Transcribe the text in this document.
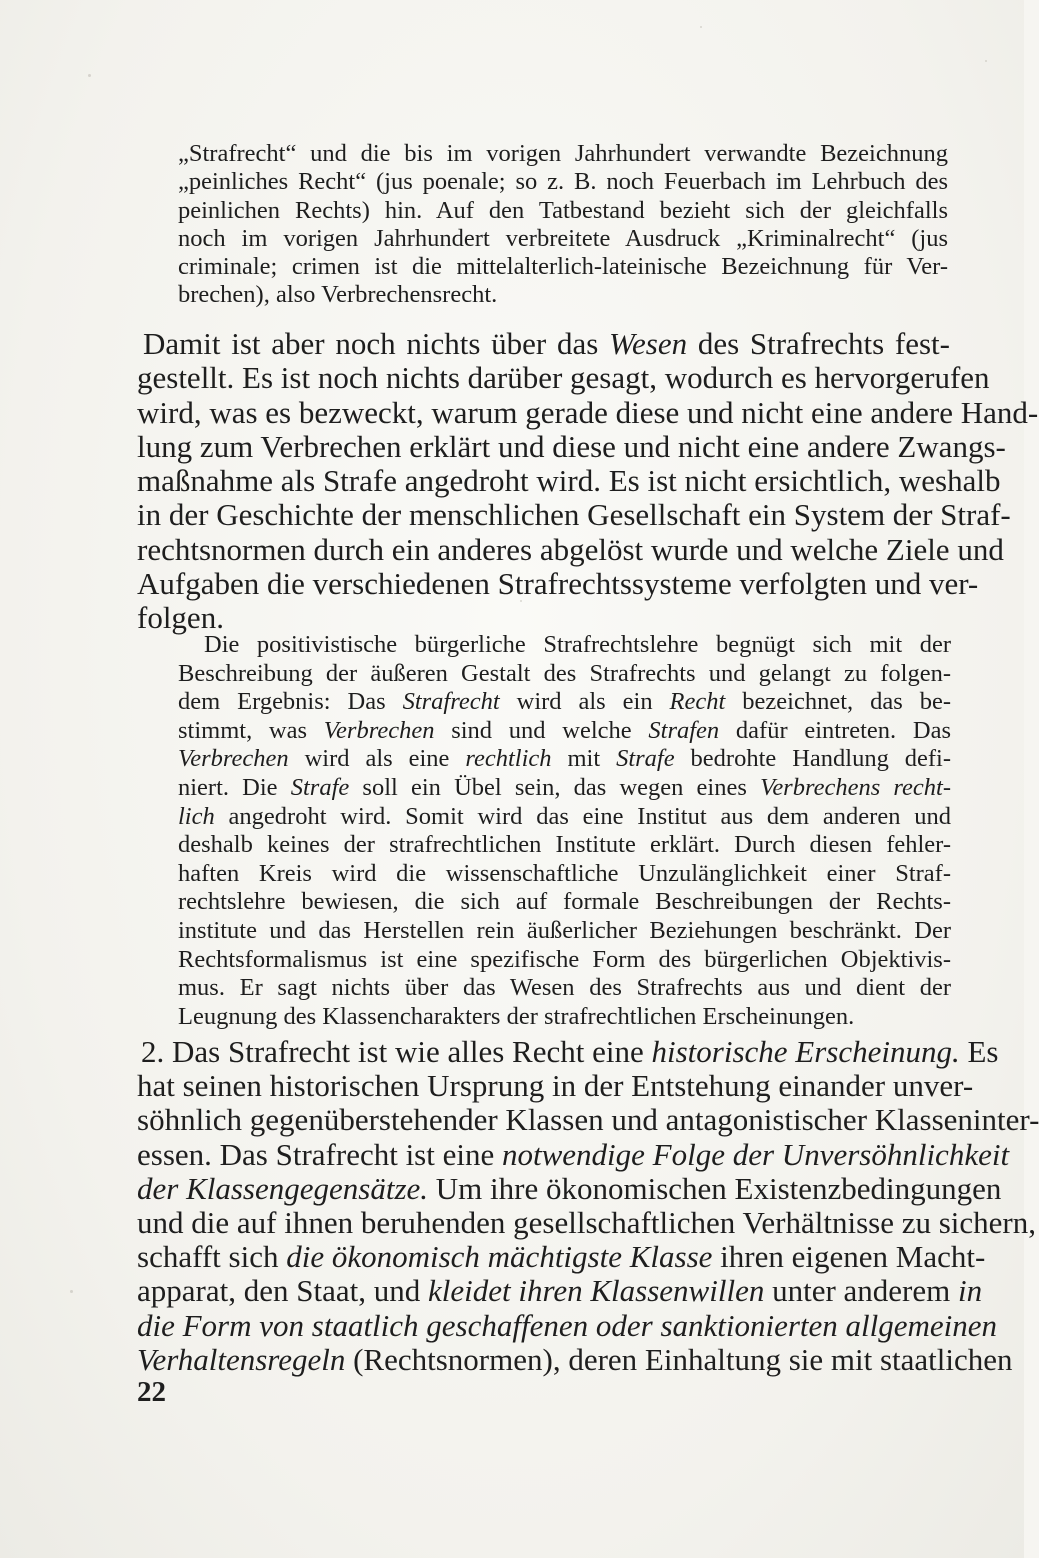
„Strafrecht“ und die bis im vorigen Jahrhundert verwandte Bezeichnung
„peinliches Recht“ (jus poenale; so z. B. noch Feuerbach im Lehrbuch des
peinlichen Rechts) hin. Auf den Tatbestand bezieht sich der gleichfalls
noch im vorigen Jahrhundert verbreitete Ausdruck „Kriminalrecht“ (jus
criminale; crimen ist die mittelalterlich-lateinische Bezeichnung für Ver-
brechen), also Verbrechensrecht.
Damit ist aber noch nichts über das Wesen des Strafrechts fest-
gestellt. Es ist noch nichts darüber gesagt, wodurch es hervorgerufen
wird, was es bezweckt, warum gerade diese und nicht eine andere Hand-
lung zum Verbrechen erklärt und diese und nicht eine andere Zwangs-
maßnahme als Strafe angedroht wird. Es ist nicht ersichtlich, weshalb
in der Geschichte der menschlichen Gesellschaft ein System der Straf-
rechtsnormen durch ein anderes abgelöst wurde und welche Ziele und
Aufgaben die verschiedenen Strafrechtssysteme verfolgten und ver-
folgen.
Die positivistische bürgerliche Strafrechtslehre begnügt sich mit der
Beschreibung der äußeren Gestalt des Strafrechts und gelangt zu folgen-
dem Ergebnis: Das Strafrecht wird als ein Recht bezeichnet, das be-
stimmt, was Verbrechen sind und welche Strafen dafür eintreten. Das
Verbrechen wird als eine rechtlich mit Strafe bedrohte Handlung defi-
niert. Die Strafe soll ein Übel sein, das wegen eines Verbrechens recht-
lich angedroht wird. Somit wird das eine Institut aus dem anderen und
deshalb keines der strafrechtlichen Institute erklärt. Durch diesen fehler-
haften Kreis wird die wissenschaftliche Unzulänglichkeit einer Straf-
rechtslehre bewiesen, die sich auf formale Beschreibungen der Rechts-
institute und das Herstellen rein äußerlicher Beziehungen beschränkt. Der
Rechtsformalismus ist eine spezifische Form des bürgerlichen Objektivis-
mus. Er sagt nichts über das Wesen des Strafrechts aus und dient der
Leugnung des Klassencharakters der strafrechtlichen Erscheinungen.
2. Das Strafrecht ist wie alles Recht eine historische Erscheinung. Es
hat seinen historischen Ursprung in der Entstehung einander unver-
söhnlich gegenüberstehender Klassen und antagonistischer Klasseninter-
essen. Das Strafrecht ist eine notwendige Folge der Unversöhnlichkeit
der Klassengegensätze. Um ihre ökonomischen Existenzbedingungen
und die auf ihnen beruhenden gesellschaftlichen Verhältnisse zu sichern,
schafft sich die ökonomisch mächtigste Klasse ihren eigenen Macht-
apparat, den Staat, und kleidet ihren Klassenwillen unter anderem in
die Form von staatlich geschaffenen oder sanktionierten allgemeinen
Verhaltensregeln (Rechtsnormen), deren Einhaltung sie mit staatlichen
22
